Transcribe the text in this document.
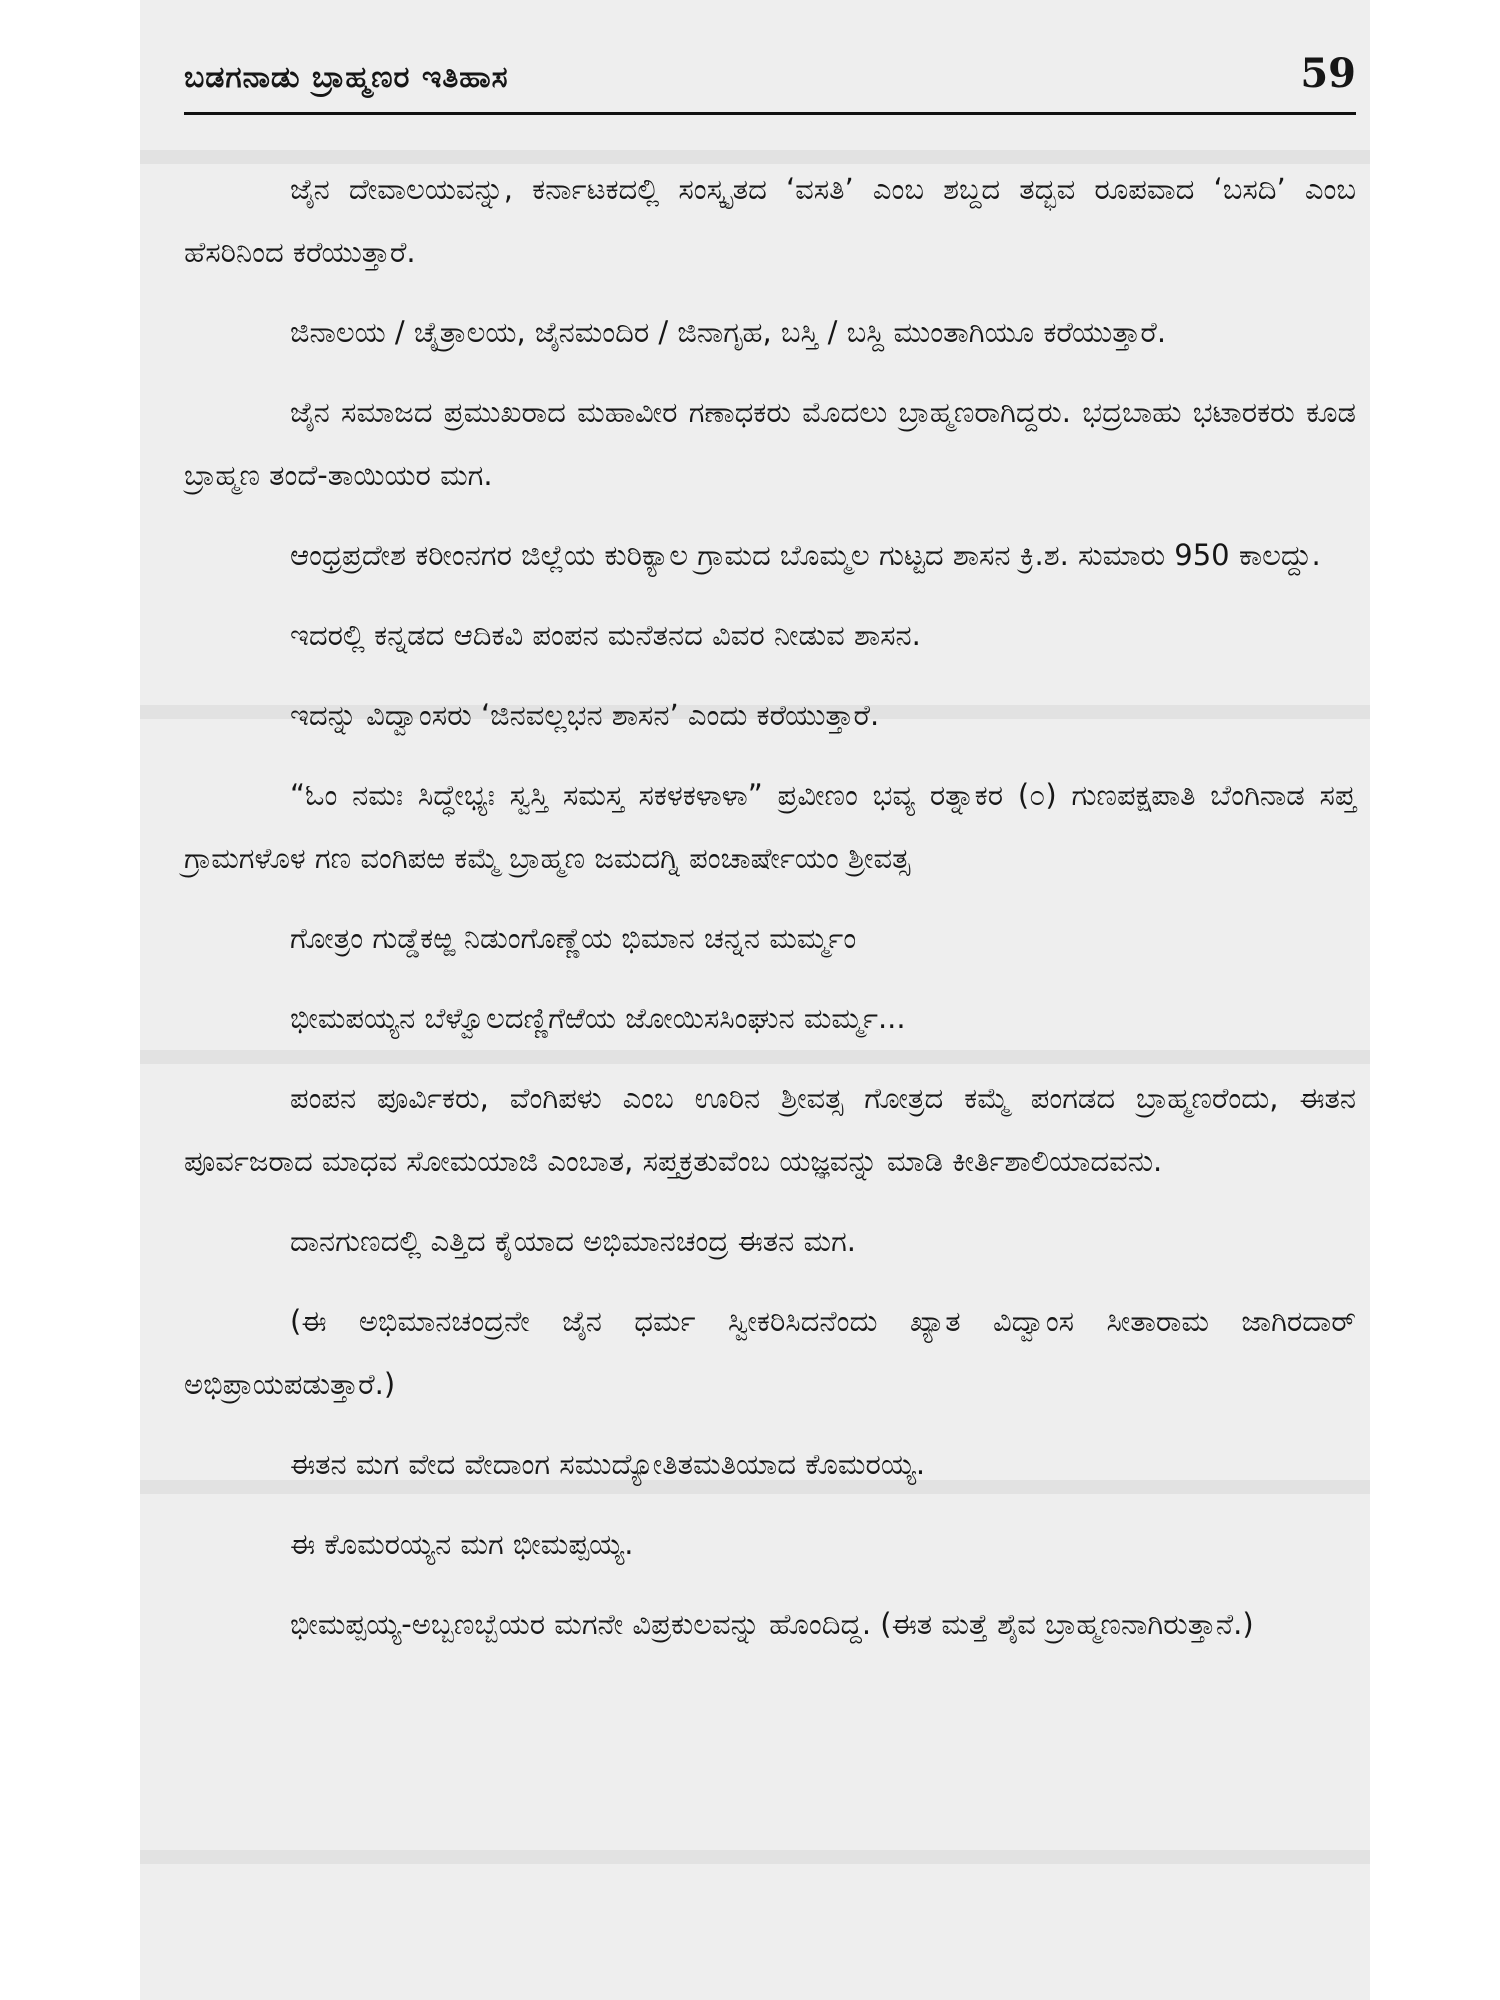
ಬಡಗನಾಡು ಬ್ರಾಹ್ಮಣರ ಇತಿಹಾಸ	59

ಜೈನ ದೇವಾಲಯವನ್ನು, ಕರ್ನಾಟಕದಲ್ಲಿ ಸಂಸ್ಕೃತದ ‘ವಸತಿ’ ಎಂಬ ಶಬ್ದದ ತದ್ಭವ ರೂಪವಾದ ‘ಬಸದಿ’ ಎಂಬ ಹೆಸರಿನಿಂದ ಕರೆಯುತ್ತಾರೆ.

ಜಿನಾಲಯ / ಚೈತ್ರಾಲಯ, ಜೈನಮಂದಿರ / ಜಿನಾಗೃಹ, ಬಸ್ತಿ / ಬಸ್ದಿ ಮುಂತಾಗಿಯೂ ಕರೆಯುತ್ತಾರೆ.

ಜೈನ ಸಮಾಜದ ಪ್ರಮುಖರಾದ ಮಹಾವೀರ ಗಣಾಧಕರು ಮೊದಲು ಬ್ರಾಹ್ಮಣರಾಗಿದ್ದರು. ಭದ್ರಬಾಹು ಭಟಾರಕರು ಕೂಡ ಬ್ರಾಹ್ಮಣ ತಂದೆ-ತಾಯಿಯರ ಮಗ.

ಆಂಧ್ರಪ್ರದೇಶ ಕರೀಂನಗರ ಜಿಲ್ಲೆಯ ಕುರಿಕ್ಯಾಲ ಗ್ರಾಮದ ಬೊಮ್ಮಲ ಗುಟ್ಟದ ಶಾಸನ ಕ್ರಿ.ಶ. ಸುಮಾರು 950 ಕಾಲದ್ದು.

ಇದರಲ್ಲಿ ಕನ್ನಡದ ಆದಿಕವಿ ಪಂಪನ ಮನೆತನದ ವಿವರ ನೀಡುವ ಶಾಸನ.

ಇದನ್ನು ವಿದ್ವಾಂಸರು ‘ಜಿನವಲ್ಲಭನ ಶಾಸನ’ ಎಂದು ಕರೆಯುತ್ತಾರೆ.

“ಓಂ ನಮಃ ಸಿದ್ಧೇಭ್ಯಃ ಸ್ವಸ್ತಿ ಸಮಸ್ತ ಸಕಳಕಳಾಳಾ” ಪ್ರವೀಣಂ ಭವ್ಯ ರತ್ನಾಕರ (೦) ಗುಣಪಕ್ಷಪಾತಿ ಬೆಂಗಿನಾಡ ಸಪ್ತ ಗ್ರಾಮಗಳೊಳ ಗಣ ವಂಗಿಪಱ ಕಮ್ಮೆ ಬ್ರಾಹ್ಮಣ ಜಮದಗ್ನಿ ಪಂಚಾರ್ಷೇಯಂ ಶ್ರೀವತ್ಸ

ಗೋತ್ರಂ ಗುಡ್ಡೆಕಱ್ಱ ನಿಡುಂಗೊಣ್ಣೆಯ ಭಿಮಾನ ಚನ್ನನ ಮರ್ಮ್ಮಂ

ಭೀಮಪಯ್ಯನ ಬೆಳ್ವೊಲದಣ್ಣಿಗೆಱೆಯ ಜೋಯಿಸಸಿಂಘುನ ಮರ್ಮ್ಮ...

ಪಂಪನ ಪೂರ್ವಿಕರು, ವೆಂಗಿಪಳು ಎಂಬ ಊರಿನ ಶ್ರೀವತ್ಸ ಗೋತ್ರದ ಕಮ್ಮೆ ಪಂಗಡದ ಬ್ರಾಹ್ಮಣರೆಂದು, ಈತನ ಪೂರ್ವಜರಾದ ಮಾಧವ ಸೋಮಯಾಜಿ ಎಂಬಾತ, ಸಪ್ತಕ್ರತುವೆಂಬ ಯಜ್ಞವನ್ನು ಮಾಡಿ ಕೀರ್ತಿಶಾಲಿಯಾದವನು.

ದಾನಗುಣದಲ್ಲಿ ಎತ್ತಿದ ಕೈಯಾದ ಅಭಿಮಾನಚಂದ್ರ ಈತನ ಮಗ.

(ಈ ಅಭಿಮಾನಚಂದ್ರನೇ ಜೈನ ಧರ್ಮ ಸ್ವೀಕರಿಸಿದನೆಂದು ಖ್ಯಾತ ವಿದ್ವಾಂಸ ಸೀತಾರಾಮ ಜಾಗಿರದಾರ್ ಅಭಿಪ್ರಾಯಪಡುತ್ತಾರೆ.)

ಈತನ ಮಗ ವೇದ ವೇದಾಂಗ ಸಮುದ್ಯೋತಿತಮತಿಯಾದ ಕೊಮರಯ್ಯ.

ಈ ಕೊಮರಯ್ಯನ ಮಗ ಭೀಮಪ್ಪಯ್ಯ.

ಭೀಮಪ್ಪಯ್ಯ-ಅಬ್ಬಣಬ್ಬೆಯರ ಮಗನೇ ವಿಪ್ರಕುಲವನ್ನು ಹೊಂದಿದ್ದ. (ಈತ ಮತ್ತೆ ಶೈವ ಬ್ರಾಹ್ಮಣನಾಗಿರುತ್ತಾನೆ.)
